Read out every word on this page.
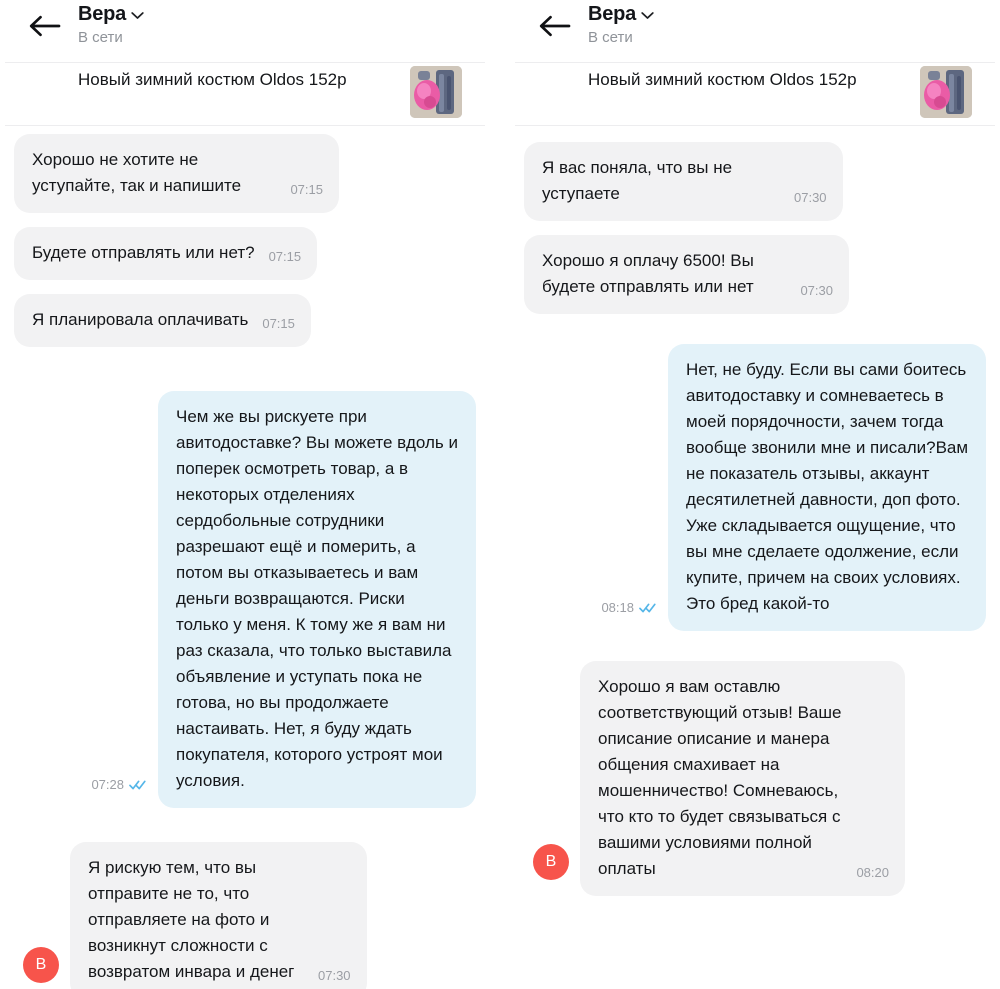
Вера
В сети
Новый зимний костюм Oldos 152р
Хорошо не хотите не уступайте, так и напишите	07:15
Будете отправлять или нет? 07:15
Я планировала оплачивать 07:15
07:28
Чем же вы рискуете при авитодоставке? Вы можете вдоль и поперек осмотреть товар, а в некоторых отделениях сердобольные сотрудники разрешают ещё и померить, а потом вы отказываетесь и вам деньги возвращаются. Риски только у меня. К тому же я вам ни раз сказала, что только выставила объявление и уступать пока не готова, но вы продолжаете настаивать. Нет, я буду ждать покупателя, которого устроят мои условия.
В
Я рискую тем, что вы отправите не то, что отправляете на фото и возникнут сложности с возвратом инвара и денег	07:30
Вера
В сети
Новый зимний костюм Oldos 152р
Я вас поняла, что вы не уступаете	07:30
Хорошо я оплачу 6500! Вы будете отправлять или нет	07:30
08:18
Нет, не буду. Если вы сами боитесь авитодоставку и сомневаетесь в моей порядочности, зачем тогда вообще звонили мне и писали?Вам не показатель отзывы, аккаунт десятилетней давности, доп фото. Уже складывается ощущение, что вы мне сделаете одолжение, если купите, причем на своих условиях. Это бред какой-то
В
Хорошо я вам оставлю соответствующий отзыв! Ваше описание описание и манера общения смахивает на мошенничество! Сомневаюсь, что кто то будет связываться с вашими условиями полной оплаты	08:20
